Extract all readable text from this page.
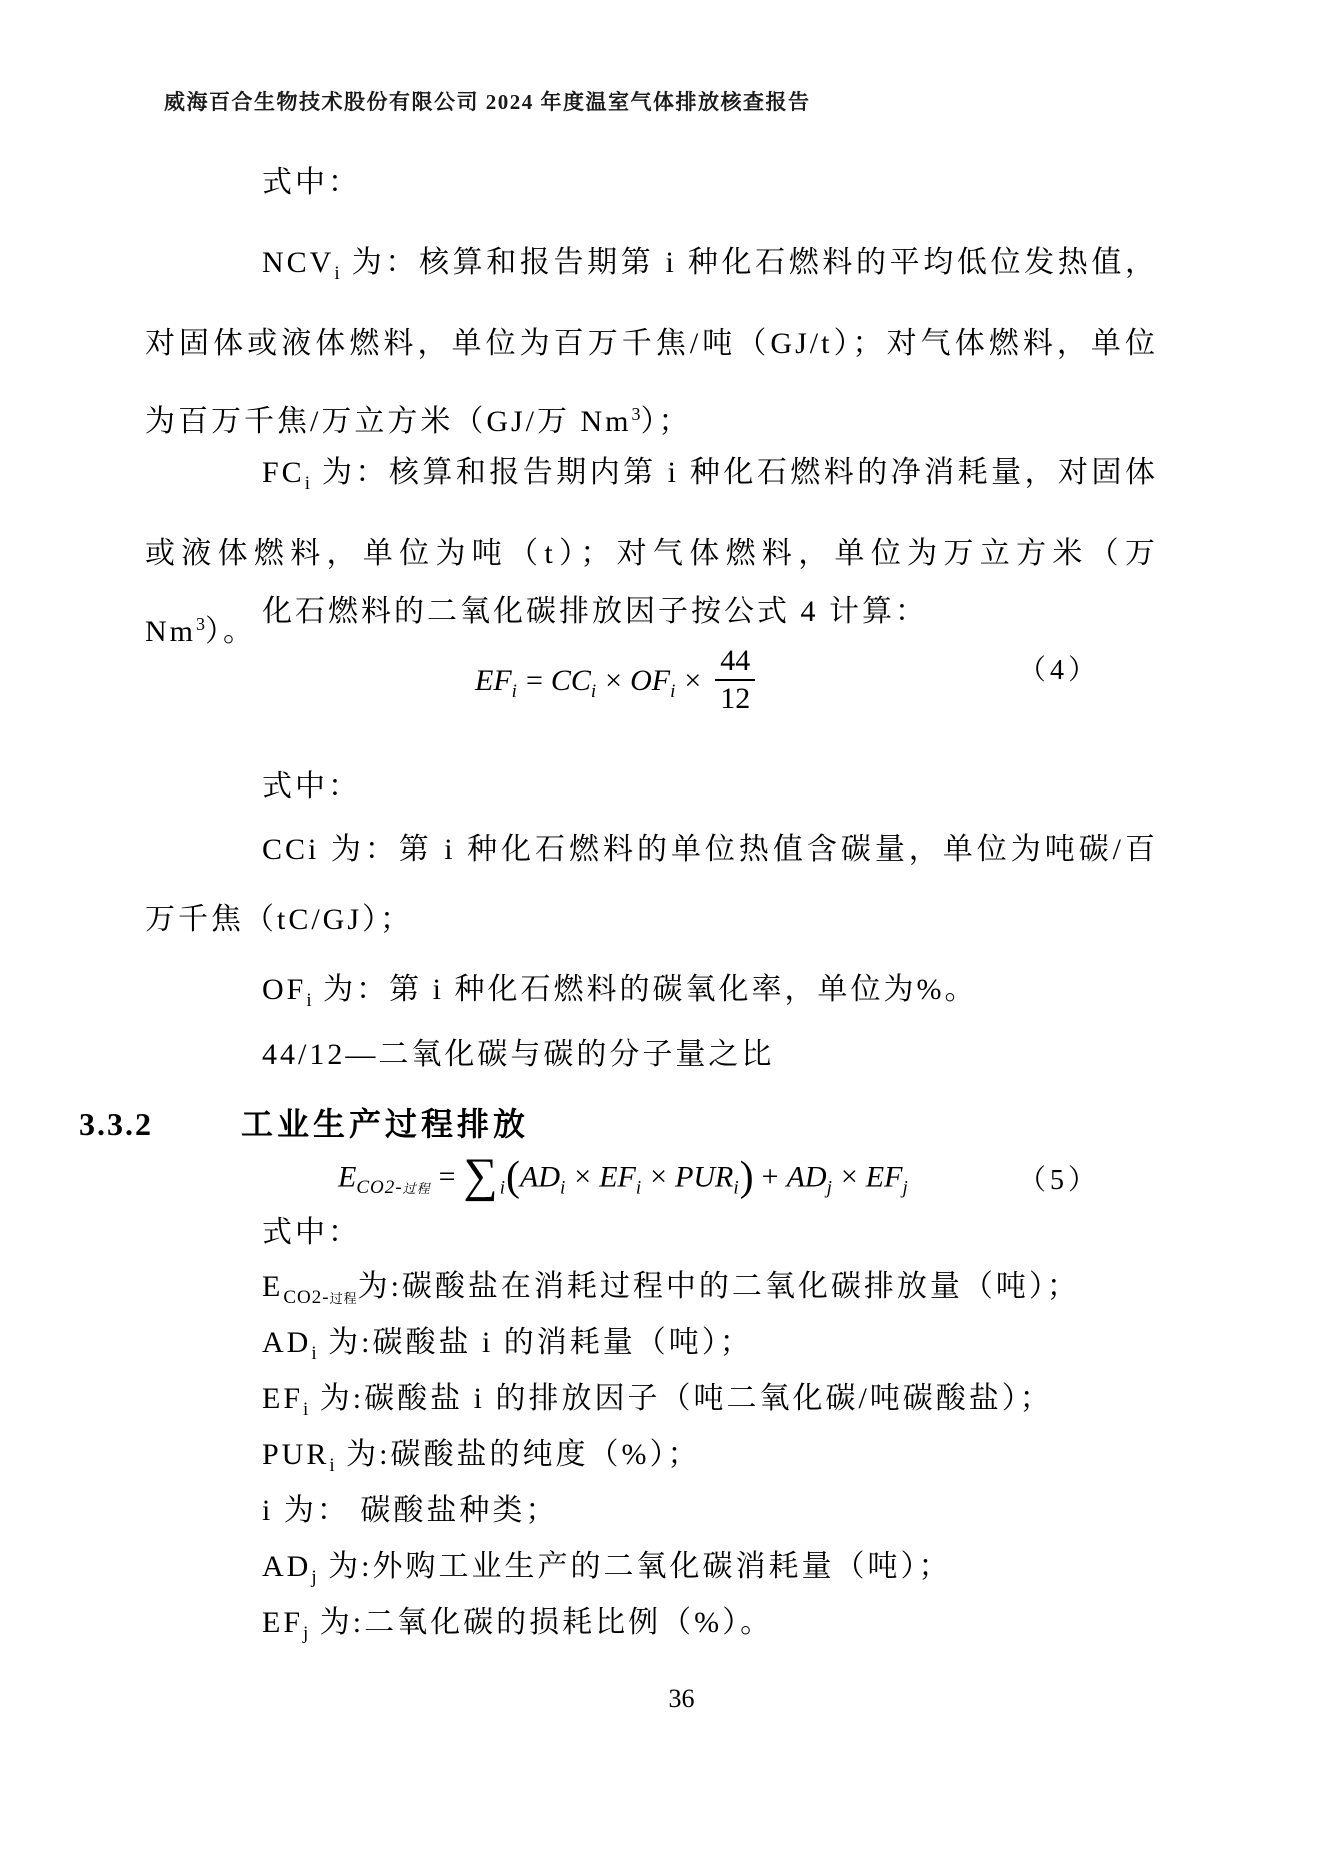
威海百合生物技术股份有限公司 2024 年度温室气体排放核查报告
式中：
$NCV_i$ 为：核算和报告期第 i 种化石燃料的平均低位发热值，对固体或液体燃料，单位为百万千焦/吨（GJ/t）；对气体燃料，单位为百万千焦/万立方米（GJ/万 Nm$^3$）；
$FC_i$ 为：核算和报告期内第 i 种化石燃料的净消耗量，对固体或液体燃料，单位为吨（t）；对气体燃料，单位为万立方米（万 Nm$^3$）。
化石燃料的二氧化碳排放因子按公式 4 计算：
$EF_i = CC_i \times OF_i \times \frac{44}{12}$	（4）
式中：
CCi 为：第 i 种化石燃料的单位热值含碳量，单位为吨碳/百万千焦（tC/GJ）；
$OF_i$ 为：第 i 种化石燃料的碳氧化率，单位为%。
44/12—二氧化碳与碳的分子量之比
3.3.2	工业生产过程排放
$E_{CO2-过程}$ = ∑ $_i(AD_i \times EF_i \times PUR_i) + AD_j \times EF_j$	（5）
式中：
$E_{CO2-过程}$为:碳酸盐在消耗过程中的二氧化碳排放量（吨）；
$AD_i$ 为:碳酸盐 i 的消耗量（吨）；
$EF_i$ 为:碳酸盐 i 的排放因子（吨二氧化碳/吨碳酸盐）；
$PUR_i$ 为:碳酸盐的纯度（%）；
i 为： 碳酸盐种类；
$AD_j$ 为:外购工业生产的二氧化碳消耗量（吨）；
$EF_j$ 为:二氧化碳的损耗比例（%）。
36
